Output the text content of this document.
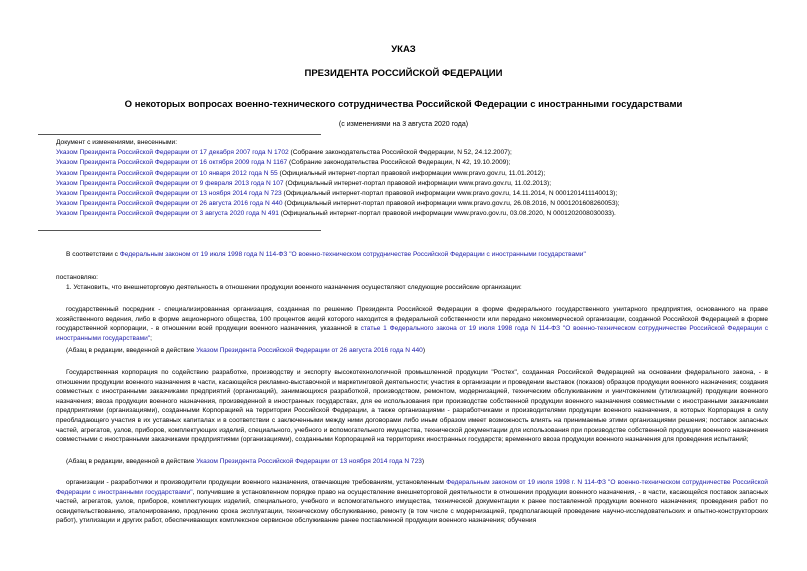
УКАЗ
ПРЕЗИДЕНТА РОССИЙСКОЙ ФЕДЕРАЦИИ
О некоторых вопросах военно-технического сотрудничества Российской Федерации с иностранными государствами
(с изменениями на 3 августа 2020 года)
Документ с изменениями, внесенными:
Указом Президента Российской Федерации от 17 декабря 2007 года N 1702 (Собрание законодательства Российской Федерации, N 52, 24.12.2007);
Указом Президента Российской Федерации от 16 октября 2009 года N 1167 (Собрание законодательства Российской Федерации, N 42, 19.10.2009);
Указом Президента Российской Федерации от 10 января 2012 года N 55 (Официальный интернет-портал правовой информации www.pravo.gov.ru, 11.01.2012);
Указом Президента Российской Федерации от 9 февраля 2013 года N 107 (Официальный интернет-портал правовой информации www.pravo.gov.ru, 11.02.2013);
Указом Президента Российской Федерации от 13 ноября 2014 года N 723 (Официальный интернет-портал правовой информации www.pravo.gov.ru, 14.11.2014, N 0001201411140013);
Указом Президента Российской Федерации от 26 августа 2016 года N 440 (Официальный интернет-портал правовой информации www.pravo.gov.ru, 26.08.2016, N 0001201608260053);
Указом Президента Российской Федерации от 3 августа 2020 года N 491 (Официальный интернет-портал правовой информации www.pravo.gov.ru, 03.08.2020, N 0001202008030033).
В соответствии с Федеральным законом от 19 июля 1998 года N 114-ФЗ "О военно-техническом сотрудничестве Российской Федерации с иностранными государствами"
постановляю:
1. Установить, что внешнеторговую деятельность в отношении продукции военного назначения осуществляют следующие российские организации:
государственный посредник - специализированная организация, созданная по решению Президента Российской Федерации в форме федерального государственного унитарного предприятия, основанного на праве хозяйственного ведения, либо в форме акционерного общества, 100 процентов акций которого находится в федеральной собственности или передано некоммерческой организации, созданной Российской Федерацией в форме государственной корпорации, - в отношении всей продукции военного назначения, указанной в статье 1 Федерального закона от 19 июля 1998 года N 114-ФЗ "О военно-техническом сотрудничестве Российской Федерации с иностранными государствами";
(Абзац в редакции, введенной в действие Указом Президента Российской Федерации от 26 августа 2016 года N 440)
Государственная корпорация по содействию разработке, производству и экспорту высокотехнологичной промышленной продукции "Ростех", созданная Российской Федерацией на основании федерального закона, - в отношении продукции военного назначения в части, касающейся рекламно-выставочной и маркетинговой деятельности; участия в организации и проведении выставок (показов) образцов продукции военного назначения; создания совместных с иностранными заказчиками предприятий (организаций), занимающихся разработкой, производством, ремонтом, модернизацией, техническим обслуживанием и уничтожением (утилизацией) продукции военного назначения; ввоза продукции военного назначения, произведенной в иностранных государствах, для ее использования при производстве собственной продукции военного назначения совместными с иностранными заказчиками предприятиями (организациями), созданными Корпорацией на территории Российской Федерации, а также организациями - разработчиками и производителями продукции военного назначения, в которых Корпорация в силу преобладающего участия в их уставных капиталах и в соответствии с заключенными между ними договорами либо иным образом имеет возможность влиять на принимаемые этими организациями решения; поставок запасных частей, агрегатов, узлов, приборов, комплектующих изделий, специального, учебного и вспомогательного имущества, технической документации для использования при производстве собственной продукции военного назначения совместными с иностранными заказчиками предприятиями (организациями), созданными Корпорацией на территориях иностранных государств; временного ввоза продукции военного назначения для проведения испытаний;
(Абзац в редакции, введенной в действие Указом Президента Российской Федерации от 13 ноября 2014 года N 723)
организации - разработчики и производители продукции военного назначения, отвечающие требованиям, установленным Федеральным законом от 19 июля 1998 г. N 114-ФЗ "О военно-техническом сотрудничестве Российской Федерации с иностранными государствами", получившие в установленном порядке право на осуществление внешнеторговой деятельности в отношении продукции военного назначения, - в части, касающейся поставок запасных частей, агрегатов, узлов, приборов, комплектующих изделий, специального, учебного и вспомогательного имущества, технической документации к ранее поставленной продукции военного назначения; проведения работ по освидетельствованию, эталонированию, продлению срока эксплуатации, техническому обслуживанию, ремонту (в том числе с модернизацией, предполагающей проведение научно-исследовательских и опытно-конструкторских работ), утилизации и других работ, обеспечивающих комплексное сервисное обслуживание ранее поставленной продукции военного назначения; обучения
